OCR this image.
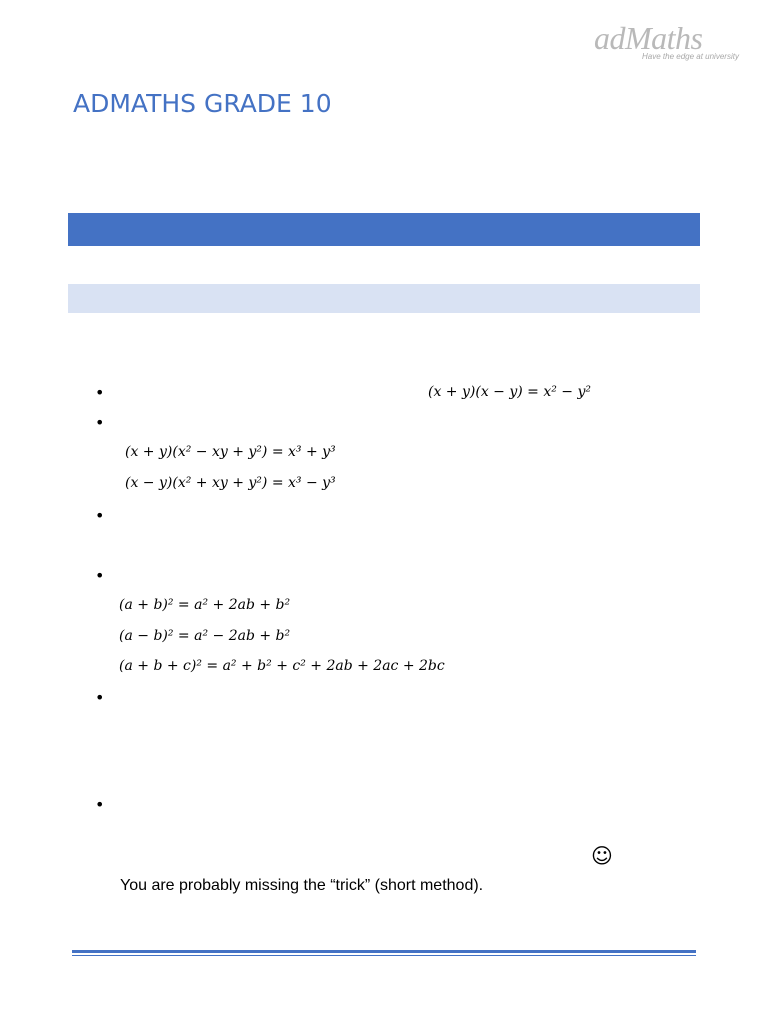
adMaths
Have the edge at university
ADMATHS GRADE 10
•	(x + y)(x − y) = x² − y²
•
(x + y)(x² − xy + y²) = x³ + y³
(x − y)(x² + xy + y²) = x³ − y³
•
•
(a + b)² = a² + 2ab + b²
(a − b)² = a² − 2ab + b²
(a + b + c)² = a² + b² + c² + 2ab + 2ac + 2bc
•
•
☺
You are probably missing the “trick” (short method).
